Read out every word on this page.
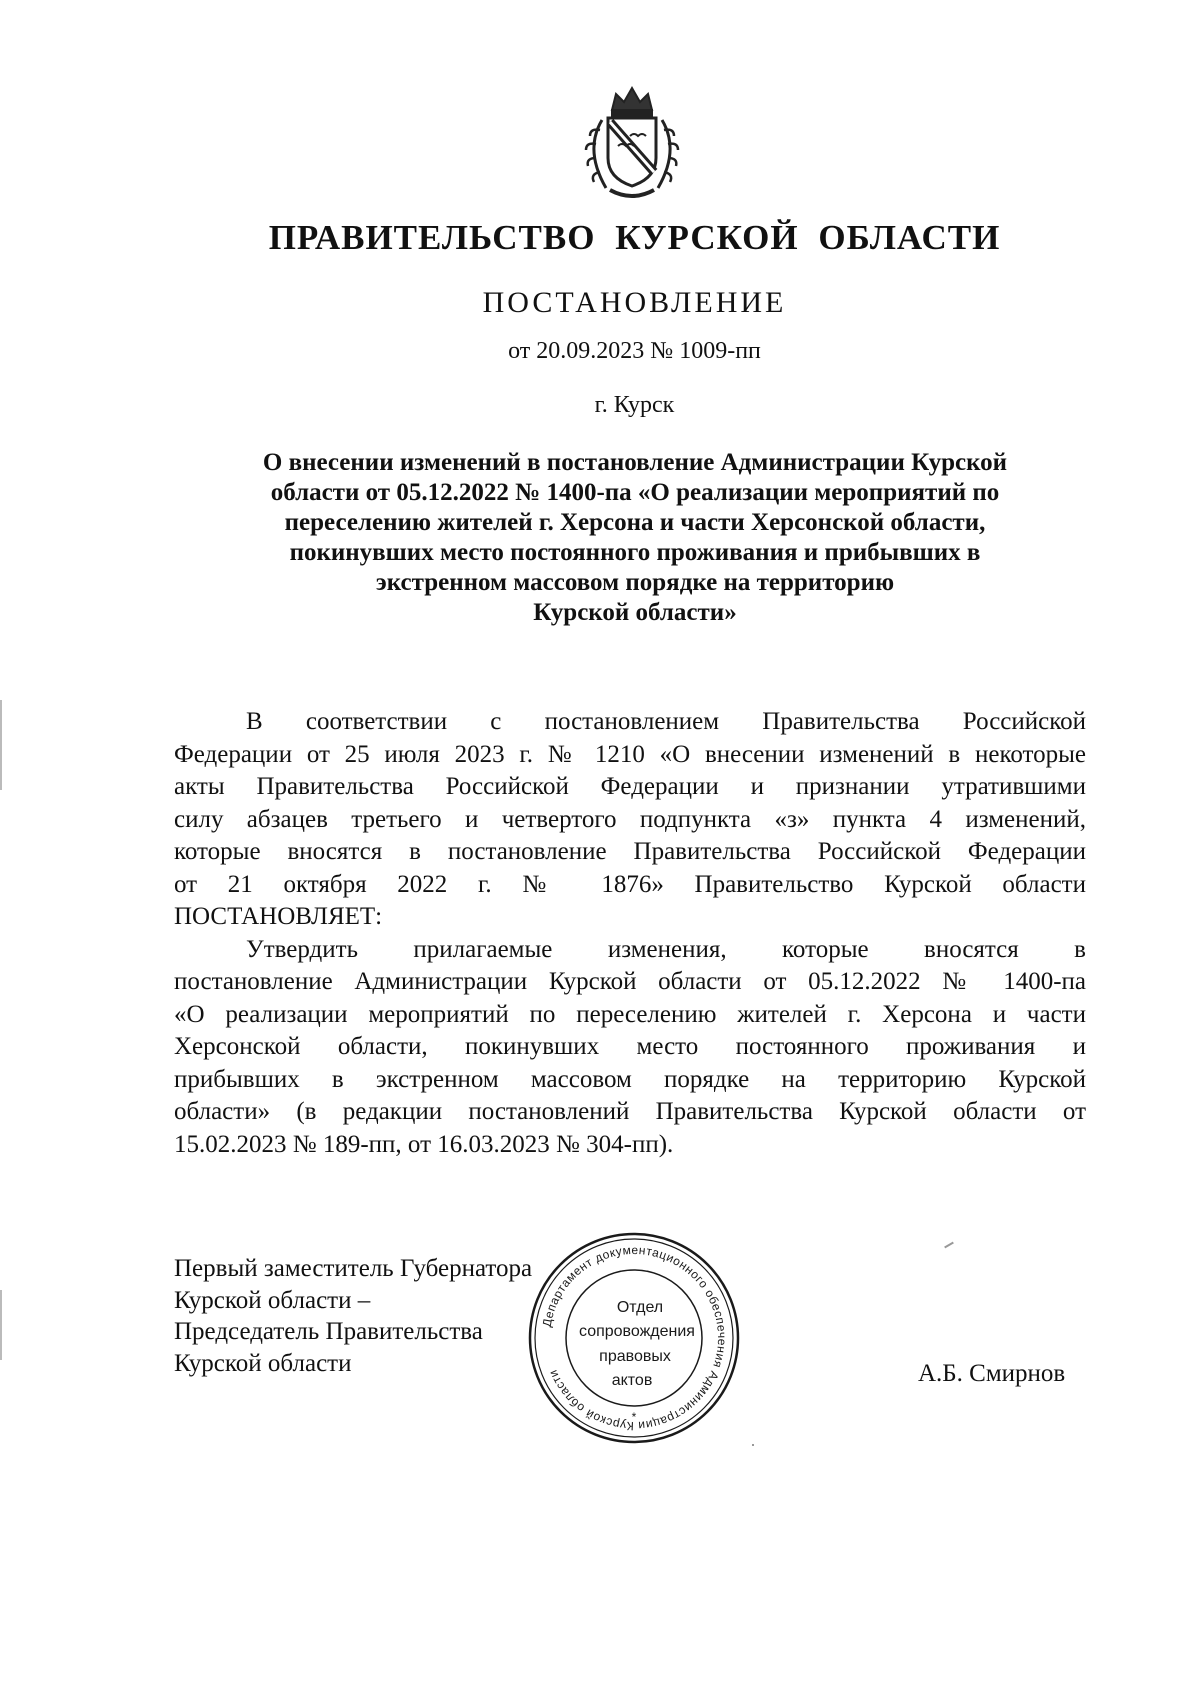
ПРАВИТЕЛЬСТВО КУРСКОЙ ОБЛАСТИ
ПОСТАНОВЛЕНИЕ
от 20.09.2023 № 1009-пп
г. Курск
О внесении изменений в постановление Администрации Курской
области от 05.12.2022 № 1400-па «О реализации мероприятий по
переселению жителей г. Херсона и части Херсонской области,
покинувших место постоянного проживания и прибывших в
экстренном массовом порядке на территорию
Курской области»
В соответствии с постановлением Правительства Российской
Федерации от 25 июля 2023 г. № 1210 «О внесении изменений в некоторые
акты Правительства Российской Федерации и признании утратившими
силу абзацев третьего и четвертого подпункта «з» пункта 4 изменений,
которые вносятся в постановление Правительства Российской Федерации
от 21 октября 2022 г. № 1876» Правительство Курской области
ПОСТАНОВЛЯЕТ:
Утвердить прилагаемые изменения, которые вносятся в
постановление Администрации Курской области от 05.12.2022 № 1400-па
«О реализации мероприятий по переселению жителей г. Херсона и части
Херсонской области, покинувших место постоянного проживания и
прибывших в экстренном массовом порядке на территорию Курской
области» (в редакции постановлений Правительства Курской области от
15.02.2023 № 189-пп, от 16.03.2023 № 304-пп).
Первый заместитель Губернатора
Курской области –
Председатель Правительства
Курской области	А.Б. Смирнов
Департамент документационного обеспечения Администрации Курской области
*
Отдел
сопровождения
правовых
актов
